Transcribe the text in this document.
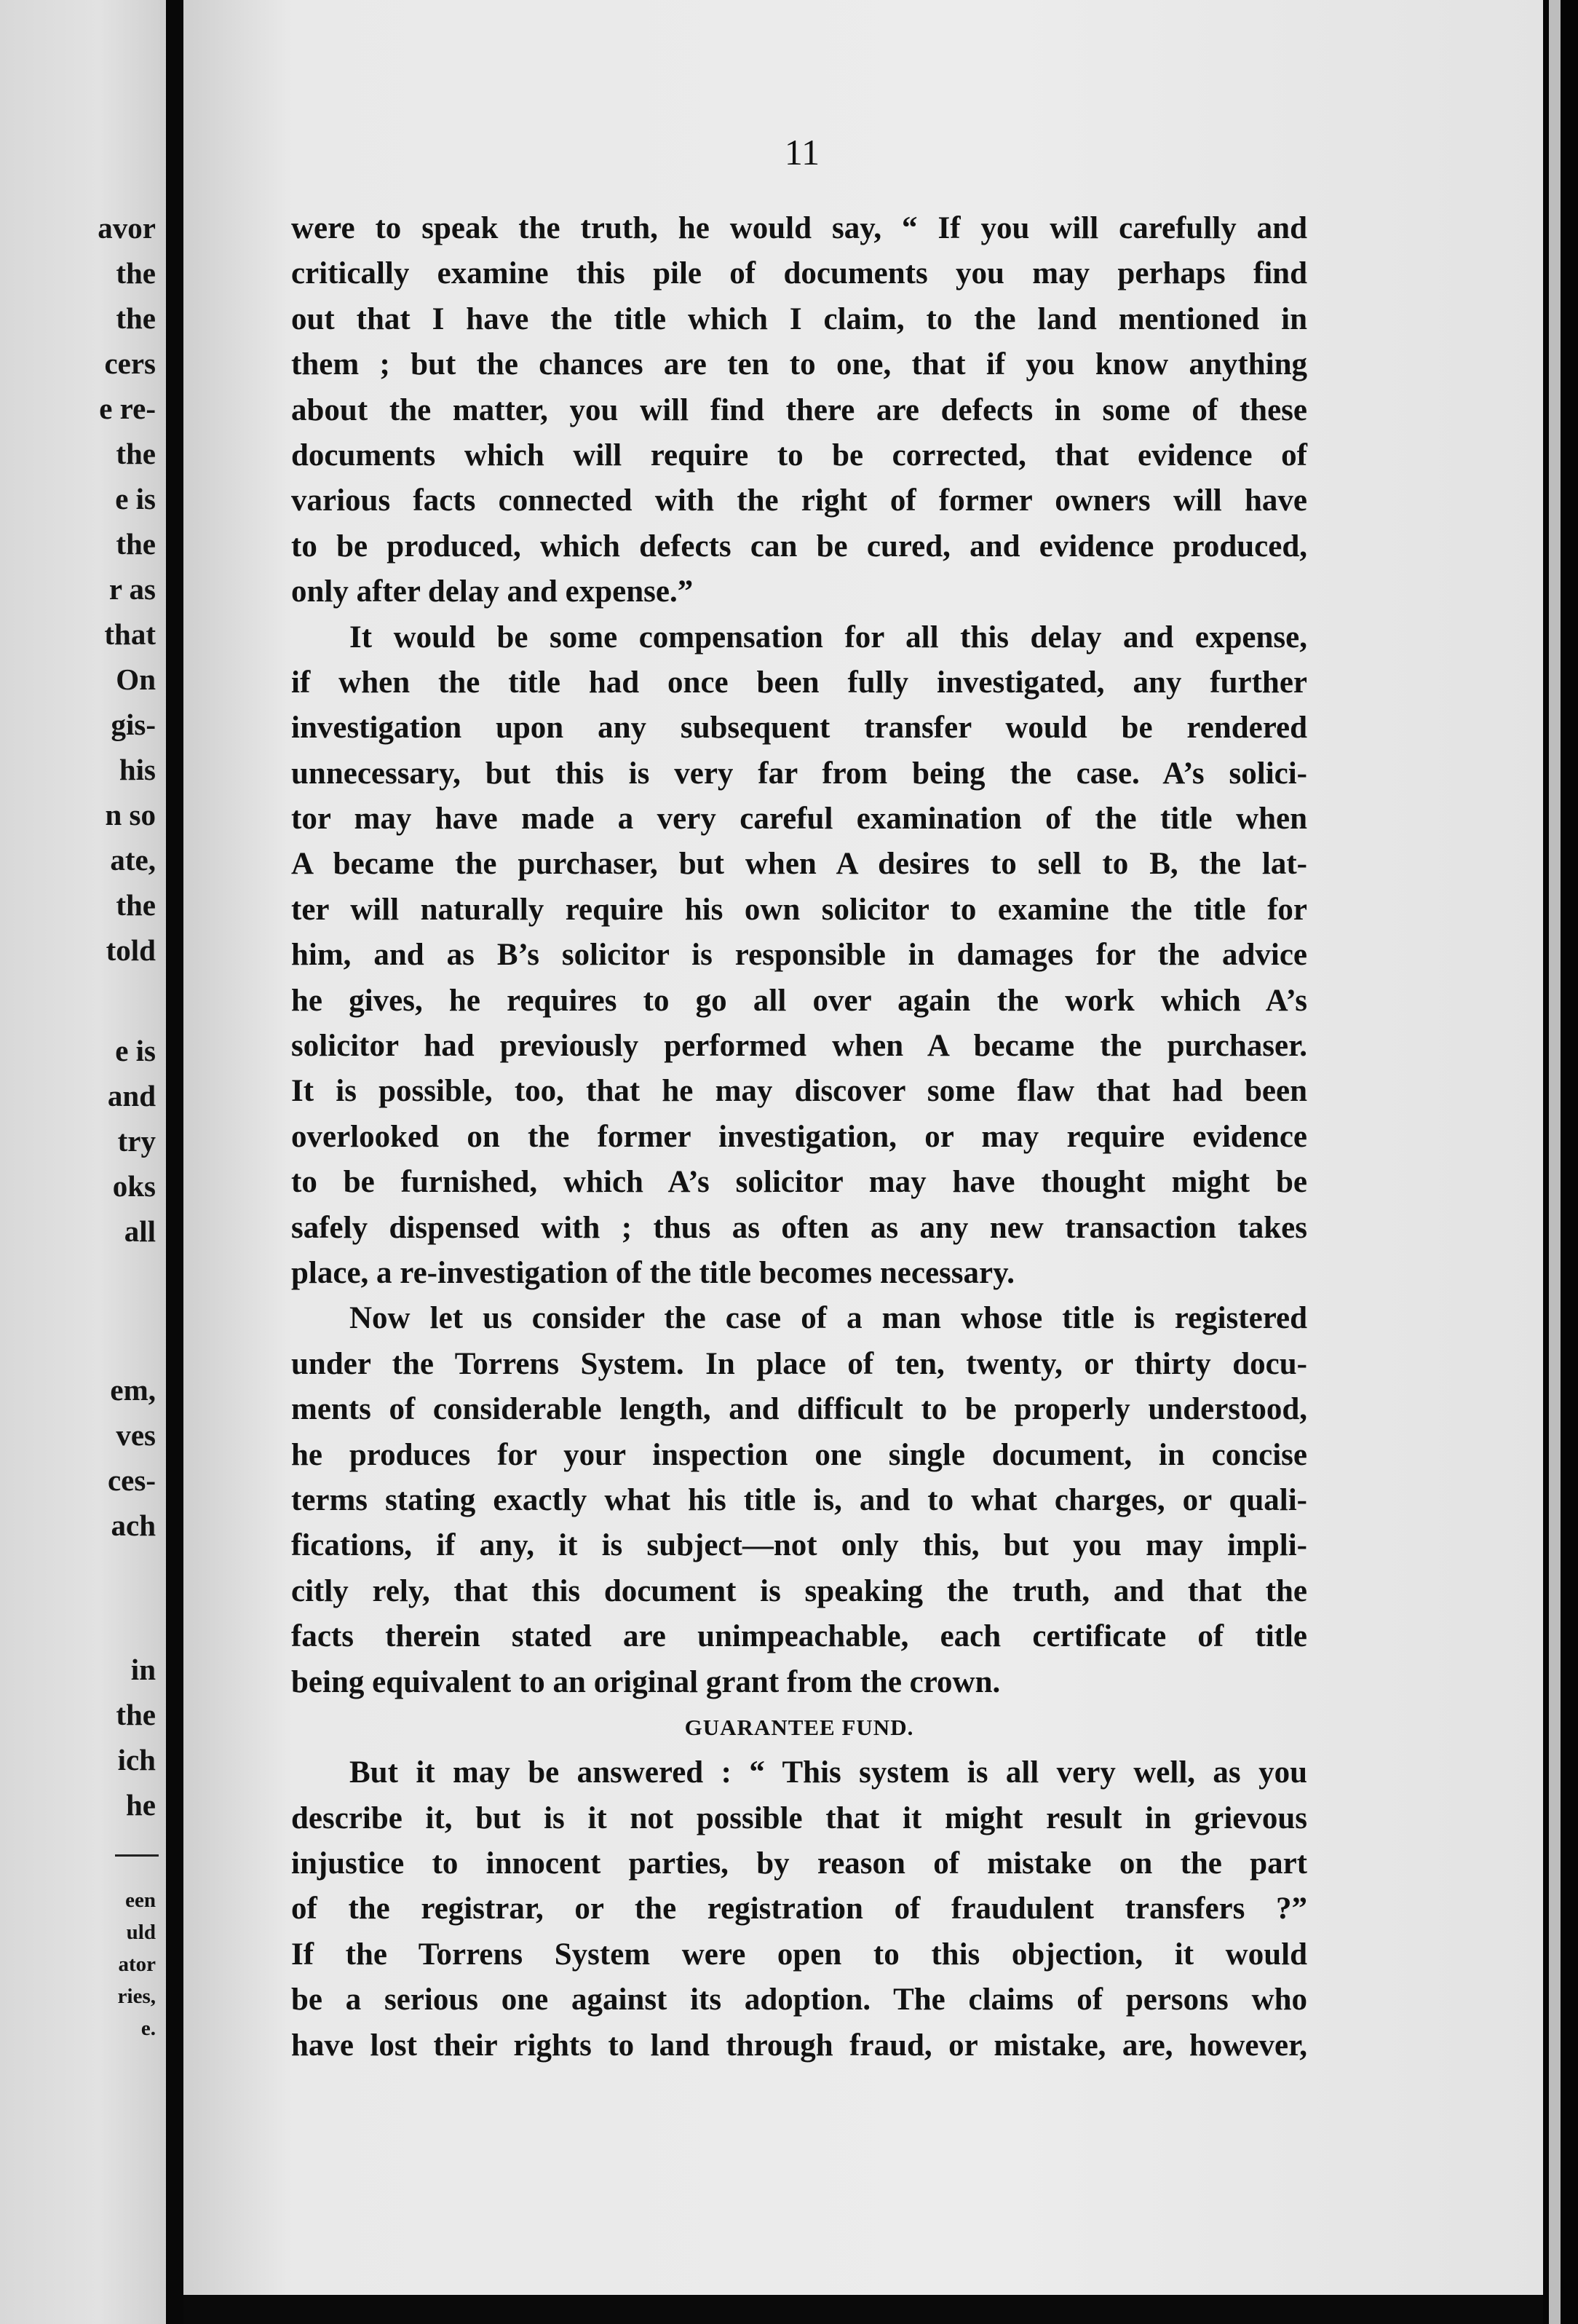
avor
the
the
cers
e re-
the
e is
the
r as
that
On
gis-
his
n so
ate,
the
told
e is
and
try
oks
all
em,
ves
ces-
ach
in
the
ich
he
een
uld
ator
ries,
e.
11
were to speak the truth, he would say, “ If you will carefully and
critically examine this pile of documents you may perhaps find
out that I have the title which I claim, to the land mentioned in
them ; but the chances are ten to one, that if you know anything
about the matter, you will find there are defects in some of these
documents which will require to be corrected, that evidence of
various facts connected with the right of former owners will have
to be produced, which defects can be cured, and evidence produced,
only after delay and expense.”
It would be some compensation for all this delay and expense,
if when the title had once been fully investigated, any further
investigation upon any subsequent transfer would be rendered
unnecessary, but this is very far from being the case. A’s solici-
tor may have made a very careful examination of the title when
A became the purchaser, but when A desires to sell to B, the lat-
ter will naturally require his own solicitor to examine the title for
him, and as B’s solicitor is responsible in damages for the advice
he gives, he requires to go all over again the work which A’s
solicitor had previously performed when A became the purchaser.
It is possible, too, that he may discover some flaw that had been
overlooked on the former investigation, or may require evidence
to be furnished, which A’s solicitor may have thought might be
safely dispensed with ; thus as often as any new transaction takes
place, a re-investigation of the title becomes necessary.
Now let us consider the case of a man whose title is registered
under the Torrens System. In place of ten, twenty, or thirty docu-
ments of considerable length, and difficult to be properly understood,
he produces for your inspection one single document, in concise
terms stating exactly what his title is, and to what charges, or quali-
fications, if any, it is subject—not only this, but you may impli-
citly rely, that this document is speaking the truth, and that the
facts therein stated are unimpeachable, each certificate of title
being equivalent to an original grant from the crown.
GUARANTEE FUND.
But it may be answered : “ This system is all very well, as you
describe it, but is it not possible that it might result in grievous
injustice to innocent parties, by reason of mistake on the part
of the registrar, or the registration of fraudulent transfers ?”
If the Torrens System were open to this objection, it would
be a serious one against its adoption. The claims of persons who
have lost their rights to land through fraud, or mistake, are, however,
